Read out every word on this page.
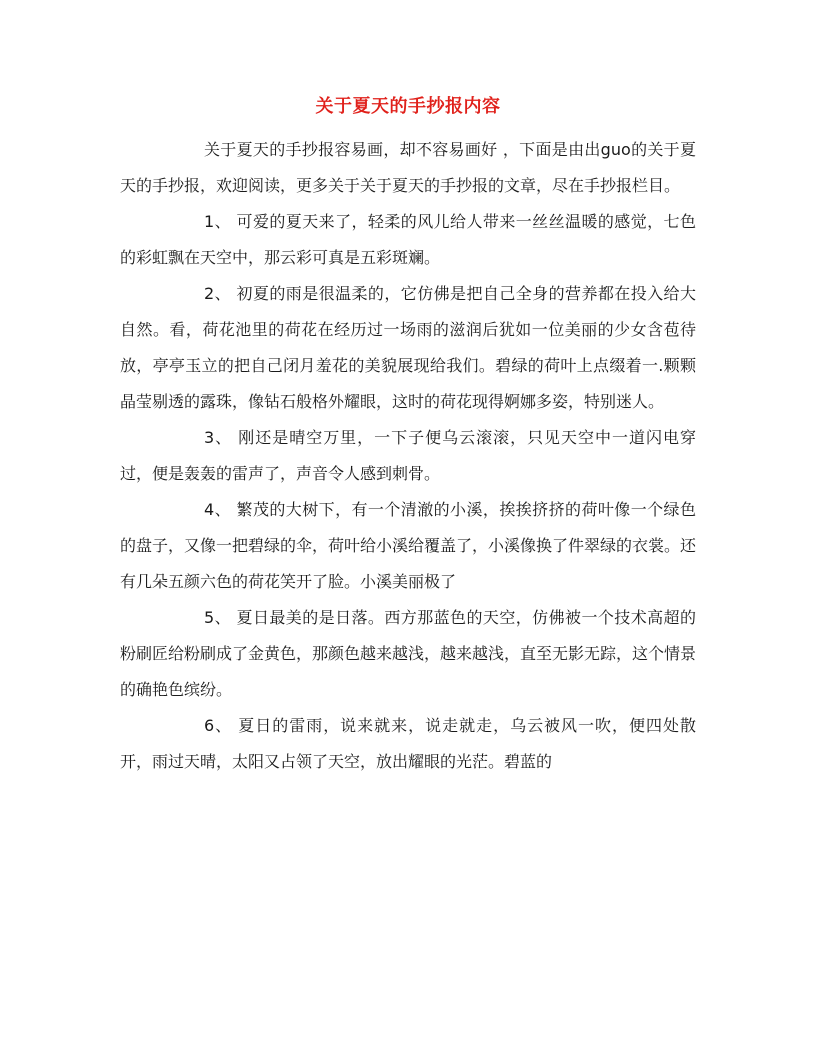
关于夏天的手抄报内容

关于夏天的手抄报容易画，却不容易画好 ，下面是由出guo的关于夏天的手抄报，欢迎阅读，更多关于关于夏天的手抄报的文章，尽在手抄报栏目。

1、 可爱的夏天来了，轻柔的风儿给人带来一丝丝温暖的感觉，七色的彩虹飘在天空中，那云彩可真是五彩斑斓。

2、 初夏的雨是很温柔的，它仿佛是把自己全身的营养都在投入给大自然。看，荷花池里的荷花在经历过一场雨的滋润后犹如一位美丽的少女含苞待放，亭亭玉立的把自己闭月羞花的美貌展现给我们。碧绿的荷叶上点缀着一.颗颗晶莹剔透的露珠，像钻石般格外耀眼，这时的荷花现得婀娜多姿，特别迷人。

3、 刚还是晴空万里，一下子便乌云滚滚，只见天空中一道闪电穿过，便是轰轰的雷声了，声音令人感到刺骨。

4、 繁茂的大树下，有一个清澈的小溪，挨挨挤挤的荷叶像一个绿色的盘子，又像一把碧绿的伞，荷叶给小溪给覆盖了，小溪像换了件翠绿的衣裳。还有几朵五颜六色的荷花笑开了脸。小溪美丽极了

5、 夏日最美的是日落。西方那蓝色的天空，仿佛被一个技术高超的粉刷匠给粉刷成了金黄色，那颜色越来越浅，越来越浅，直至无影无踪，这个情景的确艳色缤纷。

6、 夏日的雷雨，说来就来，说走就走，乌云被风一吹，便四处散开，雨过天晴，太阳又占领了天空，放出耀眼的光茫。碧蓝的
